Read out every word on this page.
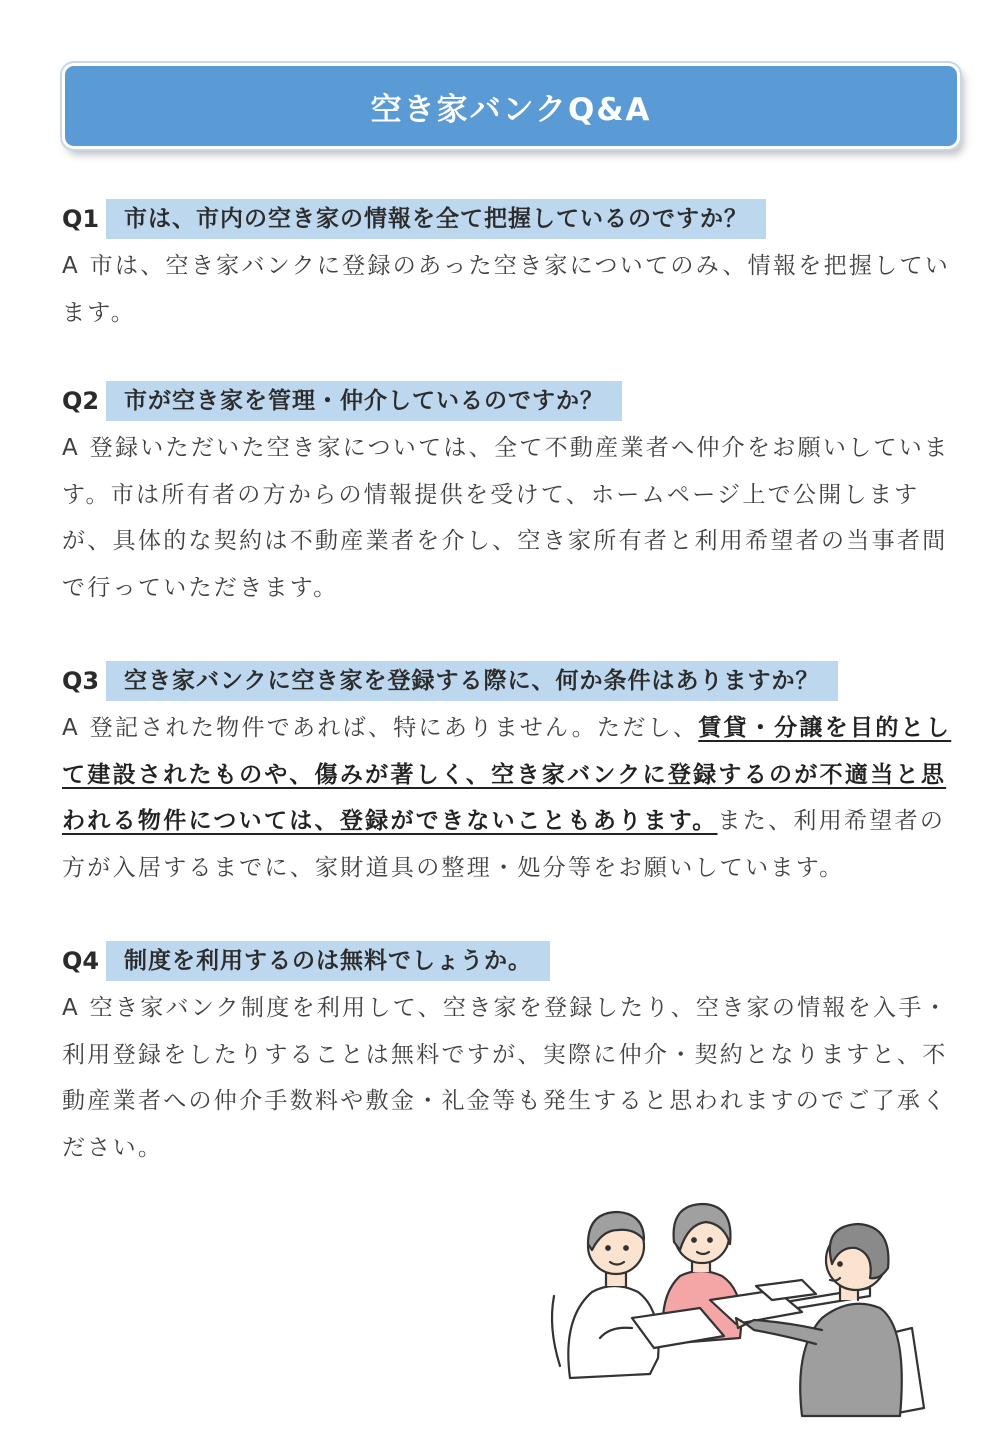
空き家バンクQ&A
Q1	市は、市内の空き家の情報を全て把握しているのですか？

A 市は、空き家バンクに登録のあった空き家についてのみ、情報を把握しています。

Q2	市が空き家を管理・仲介しているのですか？

A 登録いただいた空き家については、全て不動産業者へ仲介をお願いしています。市は所有者の方からの情報提供を受けて、ホームページ上で公開しますが、具体的な契約は不動産業者を介し、空き家所有者と利用希望者の当事者間で行っていただきます。

Q3	空き家バンクに空き家を登録する際に、何か条件はありますか？

A 登記された物件であれば、特にありません。ただし、賃貸・分譲を目的として建設されたものや、傷みが著しく、空き家バンクに登録するのが不適当と思われる物件については、登録ができないこともあります。また、利用希望者の方が入居するまでに、家財道具の整理・処分等をお願いしています。

Q4	制度を利用するのは無料でしょうか。

A 空き家バンク制度を利用して、空き家を登録したり、空き家の情報を入手・利用登録をしたりすることは無料ですが、実際に仲介・契約となりますと、不動産業者への仲介手数料や敷金・礼金等も発生すると思われますのでご了承ください。
